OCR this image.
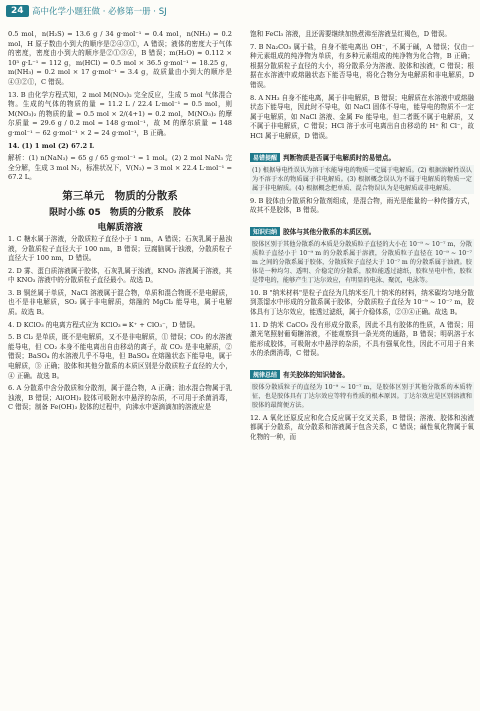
24 高中化学小题狂做 · 必修第一册 · SJ

0.5 mol，n(H₂S) = 13.6 g / 34 g·mol⁻¹ = 0.4 mol，n(NH₃) = 0.2 mol，H 原子数由小到大的顺序是②④③①，A 错误；液体的密度大于气体的密度，密度由小到大的顺序是②①③④，B 错误；m(H₂O) ≈ 0.112 × 10³ g·L⁻¹ = 112 g，m(HCl) = 0.5 mol × 36.5 g·mol⁻¹ = 18.25 g，m(NH₃) = 0.2 mol × 17 g·mol⁻¹ = 3.4 g，故质量由小到大的顺序是④③②①，C 错误。

13. B 由化学方程式知，2 mol M(NO₃)₂ 完全反应，生成 5 mol 气体混合物。生成的气体的物质的量 = 11.2 L / 22.4 L·mol⁻¹ = 0.5 mol，则 M(NO₃)₂ 的物质的量 = 0.5 mol × 2/(4+1) = 0.2 mol，M(NO₃)₂ 的摩尔质量 = 29.6 g / 0.2 mol = 148 g·mol⁻¹，故 M 的摩尔质量 = 148 g·mol⁻¹ − 62 g·mol⁻¹ × 2 = 24 g·mol⁻¹，B 正确。

14. (1) 1 mol (2) 67.2 L

解析：(1) n(NaN₃) = 65 g / 65 g·mol⁻¹ = 1 mol。(2) 2 mol NaN₃ 完全分解，生成 3 mol N₂，标准状况下，V(N₂) = 3 mol × 22.4 L·mol⁻¹ = 67.2 L。

第三单元　物质的分散系
限时小练 05　物质的分散系　胶体
电解质溶液

1. C 糖水属于溶液，分散质粒子直径小于 1 nm，A 错误；石灰乳属于悬浊液，分散质粒子直径大于 100 nm，B 错误；豆腐脑属于浊液，分散质粒子直径大于 100 nm，D 错误。

2. D 雾、蛋白质溶液属于胶体，石灰乳属于浊液，KNO₃ 溶液属于溶液，其中 KNO₃ 溶液中的分散质粒子直径最小。故选 D。

3. B 铜丝属于单质，NaCl 溶液属于混合物，单质和混合物既不是电解质，也不是非电解质，SO₂ 属于非电解质，熔融的 MgCl₂ 能导电，属于电解质。故选 B。

4. D KClO₃ 的电离方程式应为 KClO₃ ═ K⁺ + ClO₃⁻，D 错误。

5. B Cl₂ 是单质，既不是电解质，又不是非电解质，① 错误；CO₂ 的水溶液能导电，但 CO₂ 本身不能电离出自由移动的离子，故 CO₂ 是非电解质，② 错误；BaSO₄ 的水溶液几乎不导电，但 BaSO₄ 在熔融状态下能导电，属于电解质，③ 正确；胶体和其他分散系的本质区别是分散质粒子直径的大小，④ 正确。故选 B。

6. A 分散系中含分散质和分散剂，属于混合物，A 正确；油水混合物属于乳浊液，B 错误；Al(OH)₃ 胶体可吸附水中悬浮的杂质，不可用于杀菌消毒，C 错误；制备 Fe(OH)₃ 胶体的过程中，向沸水中逐滴滴加的溶液应是

饱和 FeCl₃ 溶液，且还需要继续加热煮沸至溶液呈红褐色，D 错误。

7. B Na₂CO₃ 属于盐，自身不能电离出 OH⁻，不属于碱，A 错误；仅由一种元素组成的纯净物为单质，有多种元素组成的纯净物为化合物，B 正确；根据分散质粒子直径的大小，将分散系分为溶液、胶体和浊液，C 错误；根据在水溶液中或熔融状态下能否导电，将化合物分为电解质和非电解质，D 错误。

8. A NH₃ 自身不能电离，属于非电解质，B 错误；电解质在水溶液中或熔融状态下能导电，因此时不导电，如 NaCl 固体不导电，能导电的物质不一定属于电解质，如 NaCl 溶液、金属 Fe 能导电，但二者既不属于电解质，又不属于非电解质，C 错误；HCl 溶于水可电离出自由移动的 H⁺ 和 Cl⁻，故 HCl 属于电解质，D 错误。

易错提醒 判断物质是否属于电解质时的易错点。
(1) 根据导电性误认为溶于水能导电的物质一定属于电解质。(2) 根据溶解性误认为不溶于水的物质属于非电解质。(3) 根据概念误认为不属于电解质的物质一定属于非电解质。(4) 根据概念把单质、混合物误认为是电解质或非电解质。

9. B 胶体由分散质和分散剂组成，是混合物，雨光是能量的一种传播方式，故其不是胶体，B 错误。

知识归纳 胶体与其他分散系的本质区别。
胶体区别于其他分散系的本质是分散质粒子直径的大小在 10⁻⁹ ~ 10⁻⁷ m，分散质粒子直径小于 10⁻⁹ m 的分散系属于溶液，分散质粒子直径在 10⁻⁹ ~ 10⁻⁷ m 之间的分散系属于胶体，分散质粒子直径大于 10⁻⁷ m 的分散系属于浊液。胶体是一种均匀、透明、介稳定的分散系，胶粒能透过滤纸，胶粒呈电中性，胶粒是带电的，能够产生丁达尔效应，有明显的电泳、聚沉，电泳等。

10. B "纳米材料"是粒子直径为几纳米至几十纳米的材料，纳米碳均匀地分散到蒸馏水中形成的分散系属于胶体，分散质粒子直径为 10⁻⁹ ~ 10⁻⁷ m，胶体具有丁达尔效应，能透过滤纸，属于介稳体系，②③④正确。故选 B。

11. D 纳米 CaCO₃ 没有形成分散系，因此不具有胶体的性质，A 错误；用激光笔照射葡萄糖溶液，不能观察到一条光亮的通路，B 错误；明矾溶于水能形成胶体，可吸附水中悬浮的杂质，不具有强氧化性，因此不可用于自来水的杀菌消毒，C 错误。

规律总结 有关胶体的知识储备。
胶体分散质粒子的直径为 10⁻⁹ ~ 10⁻⁷ m，是胶体区别于其他分散系的本质特征，也是胶体具有丁达尔效应等特有性质的根本原因。丁达尔效应是区别溶液和胶体的最简便方法。

12. A 氧化还原反应和化合反应属于交叉关系，B 错误；溶液、胶体和浊液都属于分散系，故分散系和溶液属于包含关系，C 错误；碱性氧化物属于氧化物的一种，而
